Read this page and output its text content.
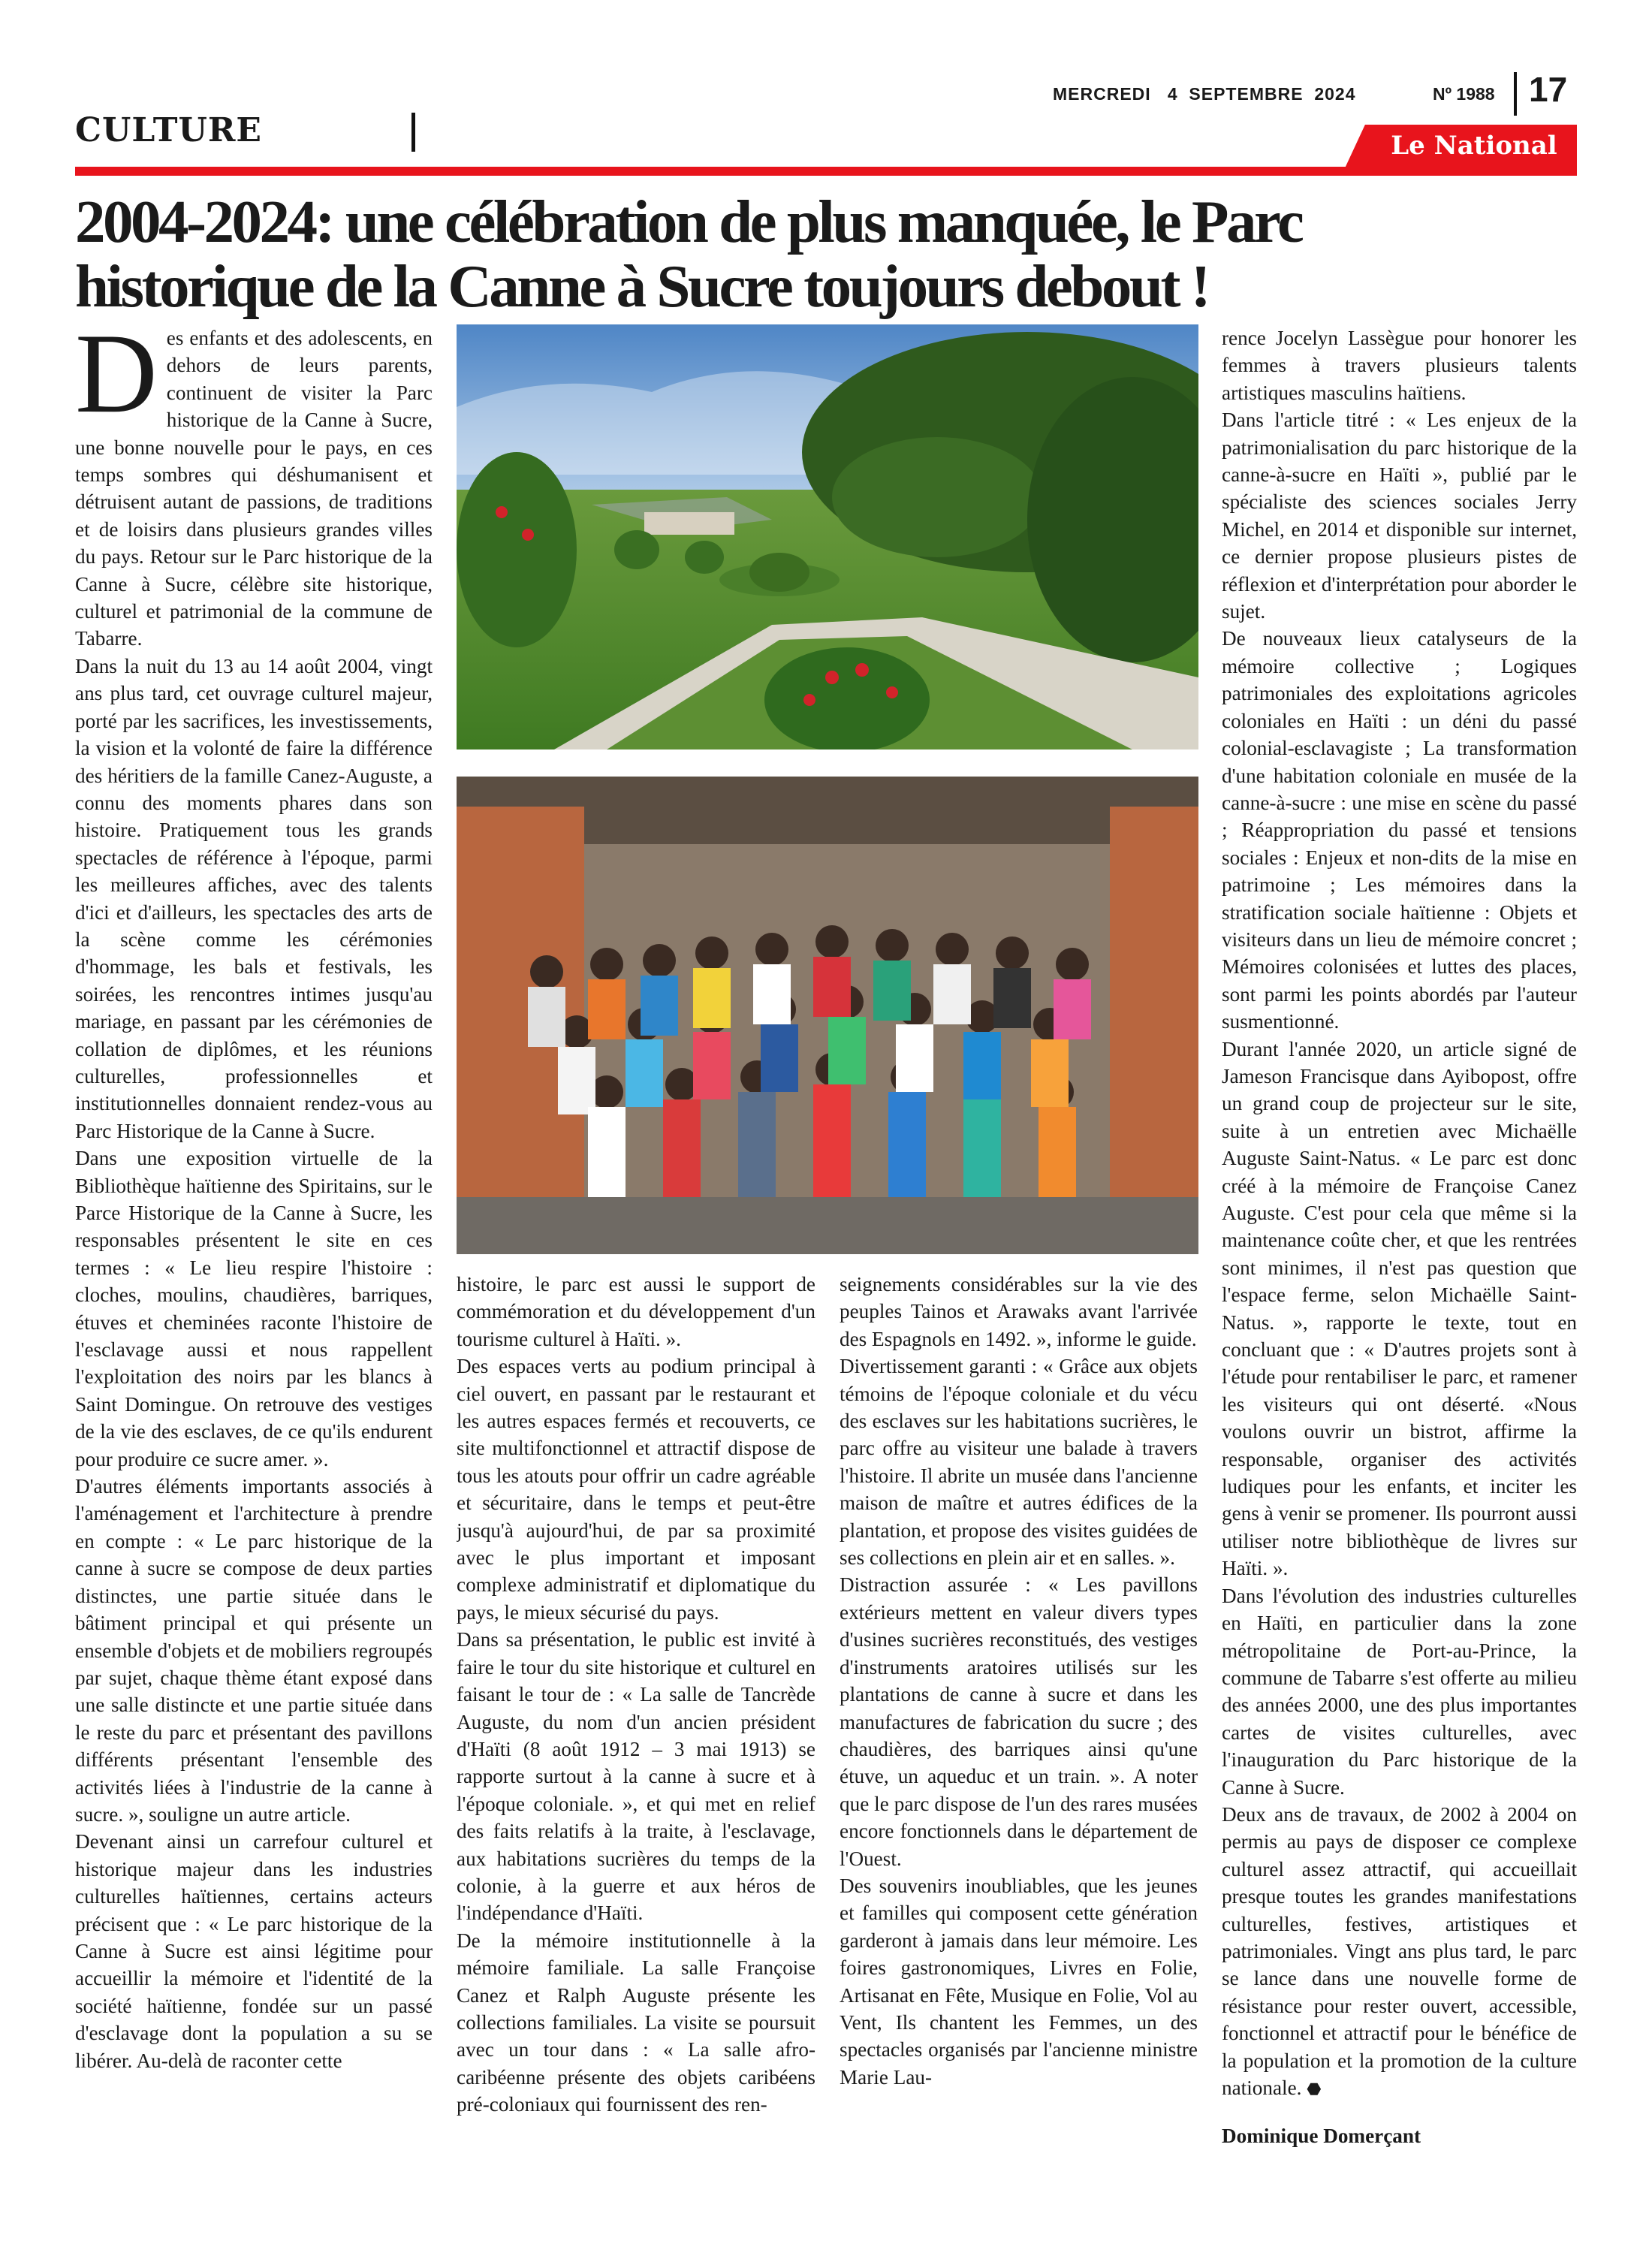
CULTURE
MERCREDI   4  SEPTEMBRE  2024	Nº 1988 17
Le National
2004-2024: une célébration de plus manquée, le Parc
historique de la Canne à Sucre toujours debout !

Des enfants et des adolescents, en dehors de leurs parents, continuent de visiter la Parc historique de la Canne à Sucre, une bonne nouvelle pour le pays, en ces temps sombres qui déshumanisent et détruisent autant de passions, de traditions et de loisirs dans plusieurs grandes villes du pays. Retour sur le Parc historique de la Canne à Sucre, célèbre site historique, culturel et patrimonial de la commune de Tabarre.

Dans la nuit du 13 au 14 août 2004, vingt ans plus tard, cet ouvrage culturel majeur, porté par les sacrifices, les investissements, la vision et la volonté de faire la différence des héritiers de la famille Canez-Auguste, a connu des moments phares dans son histoire. Pratiquement tous les grands spectacles de référence à l'époque, parmi les meilleures affiches, avec des talents d'ici et d'ailleurs, les spectacles des arts de la scène comme les cérémonies d'hommage, les bals et festivals, les soirées, les rencontres intimes jusqu'au mariage, en passant par les cérémonies de collation de diplômes, et les réunions culturelles, professionnelles et institutionnelles donnaient rendez-vous au Parc Historique de la Canne à Sucre.

Dans une exposition virtuelle de la Bibliothèque haïtienne des Spiritains, sur le Parce Historique de la Canne à Sucre, les responsables présentent le site en ces termes : « Le lieu respire l'histoire : cloches, moulins, chaudières, barriques, étuves et cheminées raconte l'histoire de l'esclavage aussi et nous rappellent l'exploitation des noirs par les blancs à Saint Domingue. On retrouve des vestiges de la vie des esclaves, de ce qu'ils endurent pour produire ce sucre amer. ».

D'autres éléments importants associés à l'aménagement et l'architecture à prendre en compte : « Le parc historique de la canne à sucre se compose de deux parties distinctes, une partie située dans le bâtiment principal et qui présente un ensemble d'objets et de mobiliers regroupés par sujet, chaque thème étant exposé dans une salle distincte et une partie située dans le reste du parc et présentant des pavillons différents présentant l'ensemble des activités liées à l'industrie de la canne à sucre. », souligne un autre article.

Devenant ainsi un carrefour culturel et historique majeur dans les industries culturelles haïtiennes, certains acteurs précisent que : « Le parc historique de la Canne à Sucre est ainsi légitime pour accueillir la mémoire et l'identité de la société haïtienne, fondée sur un passé d'esclavage dont la population a su se libérer. Au-delà de raconter cette

histoire, le parc est aussi le support de commémoration et du développement d'un tourisme culturel à Haïti. ».

Des espaces verts au podium principal à ciel ouvert, en passant par le restaurant et les autres espaces fermés et recouverts, ce site multifonctionnel et attractif dispose de tous les atouts pour offrir un cadre agréable et sécuritaire, dans le temps et peut-être jusqu'à aujourd'hui, de par sa proximité avec le plus important et imposant complexe administratif et diplomatique du pays, le mieux sécurisé du pays.

Dans sa présentation, le public est invité à faire le tour du site historique et culturel en faisant le tour de : « La salle de Tancrède Auguste, du nom d'un ancien président d'Haïti (8 août 1912 – 3 mai 1913) se rapporte surtout à la canne à sucre et à l'époque coloniale. », et qui met en relief des faits relatifs à la traite, à l'esclavage, aux habitations sucrières du temps de la colonie, à la guerre et aux héros de l'indépendance d'Haïti.

De la mémoire institutionnelle à la mémoire familiale. La salle Françoise Canez et Ralph Auguste présente les collections familiales. La visite se poursuit avec un tour dans : « La salle afro-caribéenne présente des objets caribéens pré-coloniaux qui fournissent des ren-

seignements considérables sur la vie des peuples Tainos et Arawaks avant l'arrivée des Espagnols en 1492. », informe le guide.

Divertissement garanti : « Grâce aux objets témoins de l'époque coloniale et du vécu des esclaves sur les habitations sucrières, le parc offre au visiteur une balade à travers l'histoire. Il abrite un musée dans l'ancienne maison de maître et autres édifices de la plantation, et propose des visites guidées de ses collections en plein air et en salles. ».

Distraction assurée : « Les pavillons extérieurs mettent en valeur divers types d'usines sucrières reconstitués, des vestiges d'instruments aratoires utilisés sur les plantations de canne à sucre et dans les manufactures de fabrication du sucre ; des chaudières, des barriques ainsi qu'une étuve, un aqueduc et un train. ». A noter que le parc dispose de l'un des rares musées encore fonctionnels dans le département de l'Ouest.

Des souvenirs inoubliables, que les jeunes et familles qui composent cette génération garderont à jamais dans leur mémoire. Les foires gastronomiques, Livres en Folie, Artisanat en Fête, Musique en Folie, Vol au Vent, Ils chantent les Femmes, un des spectacles organisés par l'ancienne ministre Marie Lau-

rence Jocelyn Lassègue pour honorer les femmes à travers plusieurs talents artistiques masculins haïtiens.

Dans l'article titré : « Les enjeux de la patrimonialisation du parc historique de la canne-à-sucre en Haïti », publié par le spécialiste des sciences sociales Jerry Michel, en 2014 et disponible sur internet, ce dernier propose plusieurs pistes de réflexion et d'interprétation pour aborder le sujet.

De nouveaux lieux catalyseurs de la mémoire collective ; Logiques patrimoniales des exploitations agricoles coloniales en Haïti : un déni du passé colonial-esclavagiste ; La transformation d'une habitation coloniale en musée de la canne-à-sucre : une mise en scène du passé ; Réappropriation du passé et tensions sociales : Enjeux et non-dits de la mise en patrimoine ; Les mémoires dans la stratification sociale haïtienne : Objets et visiteurs dans un lieu de mémoire concret ; Mémoires colonisées et luttes des places, sont parmi les points abordés par l'auteur susmentionné.

Durant l'année 2020, un article signé de Jameson Francisque dans Ayibopost, offre un grand coup de projecteur sur le site, suite à un entretien avec Michaëlle Auguste Saint-Natus. « Le parc est donc créé à la mémoire de Françoise Canez Auguste. C'est pour cela que même si la maintenance coûte cher, et que les rentrées sont minimes, il n'est pas question que l'espace ferme, selon Michaëlle Saint-Natus. », rapporte le texte, tout en concluant que : « D'autres projets sont à l'étude pour rentabiliser le parc, et ramener les visiteurs qui ont déserté. «Nous voulons ouvrir un bistrot, affirme la responsable, organiser des activités ludiques pour les enfants, et inciter les gens à venir se promener. Ils pourront aussi utiliser notre bibliothèque de livres sur Haïti. ».

Dans l'évolution des industries culturelles en Haïti, en particulier dans la zone métropolitaine de Port-au-Prince, la commune de Tabarre s'est offerte au milieu des années 2000, une des plus importantes cartes de visites culturelles, avec l'inauguration du Parc historique de la Canne à Sucre.

Deux ans de travaux, de 2002 à 2004 on permis au pays de disposer ce complexe culturel assez attractif, qui accueillait presque toutes les grandes manifestations culturelles, festives, artistiques et patrimoniales. Vingt ans plus tard, le parc se lance dans une nouvelle forme de résistance pour rester ouvert, accessible, fonctionnel et attractif pour le bénéfice de la population et la promotion de la culture nationale. ⬣

Dominique Domerçant
